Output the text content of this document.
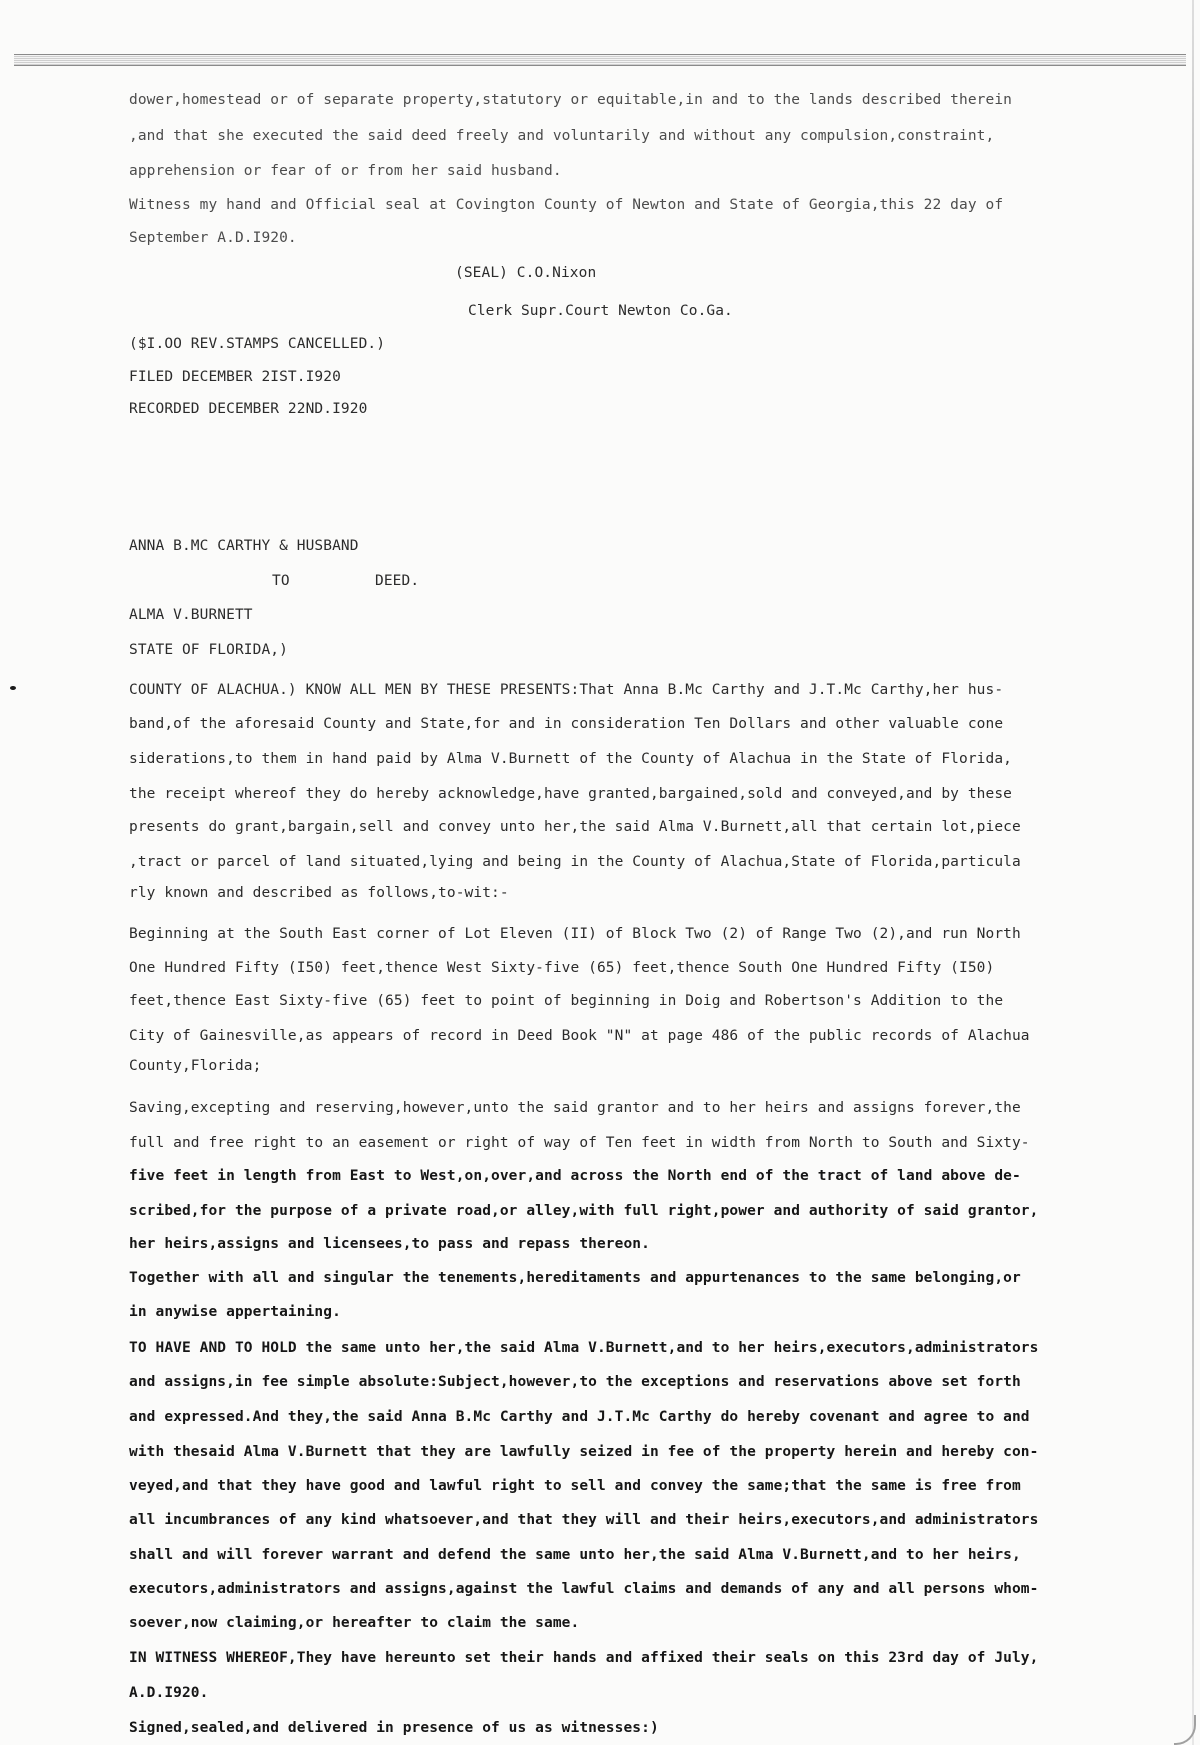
dower,homestead or of separate property,statutory or equitable,in and to the lands described therein
,and that she executed the said deed freely and voluntarily and without any compulsion,constraint,
apprehension or fear of or from her said husband.
Witness my hand and Official seal at Covington County of Newton and State of Georgia,this 22 day of
September A.D.I920.
(SEAL) C.O.Nixon
Clerk Supr.Court Newton Co.Ga.
($I.OO REV.STAMPS CANCELLED.)
FILED DECEMBER 2IST.I920
RECORDED DECEMBER 22ND.I920
ANNA B.MC CARTHY & HUSBAND
TO	DEED.
ALMA V.BURNETT
STATE OF FLORIDA,)
COUNTY OF ALACHUA.) KNOW ALL MEN BY THESE PRESENTS:That Anna B.Mc Carthy and J.T.Mc Carthy,her hus-
band,of the aforesaid County and State,for and in consideration Ten Dollars and other valuable cone
siderations,to them in hand paid by Alma V.Burnett of the County of Alachua in the State of Florida,
the receipt whereof they do hereby acknowledge,have granted,bargained,sold and conveyed,and by these
presents do grant,bargain,sell and convey unto her,the said Alma V.Burnett,all that certain lot,piece
,tract or parcel of land situated,lying and being in the County of Alachua,State of Florida,particula
rly known and described as follows,to-wit:-
Beginning at the South East corner of Lot Eleven (II) of Block Two (2) of Range Two (2),and run North
One Hundred Fifty (I50) feet,thence West Sixty-five (65) feet,thence South One Hundred Fifty (I50)
feet,thence East Sixty-five (65) feet to point of beginning in Doig and Robertson's Addition to the
City of Gainesville,as appears of record in Deed Book "N" at page 486 of the public records of Alachua
County,Florida;
Saving,excepting and reserving,however,unto the said grantor and to her heirs and assigns forever,the
full and free right to an easement or right of way of Ten feet in width from North to South and Sixty-
five feet in length from East to West,on,over,and across the North end of the tract of land above de-
scribed,for the purpose of a private road,or alley,with full right,power and authority of said grantor,
her heirs,assigns and licensees,to pass and repass thereon.
Together with all and singular the tenements,hereditaments and appurtenances to the same belonging,or
in anywise appertaining.
TO HAVE AND TO HOLD the same unto her,the said Alma V.Burnett,and to her heirs,executors,administrators
and assigns,in fee simple absolute:Subject,however,to the exceptions and reservations above set forth
and expressed.And they,the said Anna B.Mc Carthy and J.T.Mc Carthy do hereby covenant and agree to and
with thesaid Alma V.Burnett that they are lawfully seized in fee of the property herein and hereby con-
veyed,and that they have good and lawful right to sell and convey the same;that the same is free from
all incumbrances of any kind whatsoever,and that they will and their heirs,executors,and administrators
shall and will forever warrant and defend the same unto her,the said Alma V.Burnett,and to her heirs,
executors,administrators and assigns,against the lawful claims and demands of any and all persons whom-
soever,now claiming,or hereafter to claim the same.
IN WITNESS WHEREOF,They have hereunto set their hands and affixed their seals on this 23rd day of July,
A.D.I920.
Signed,sealed,and delivered in presence of us as witnesses:)
